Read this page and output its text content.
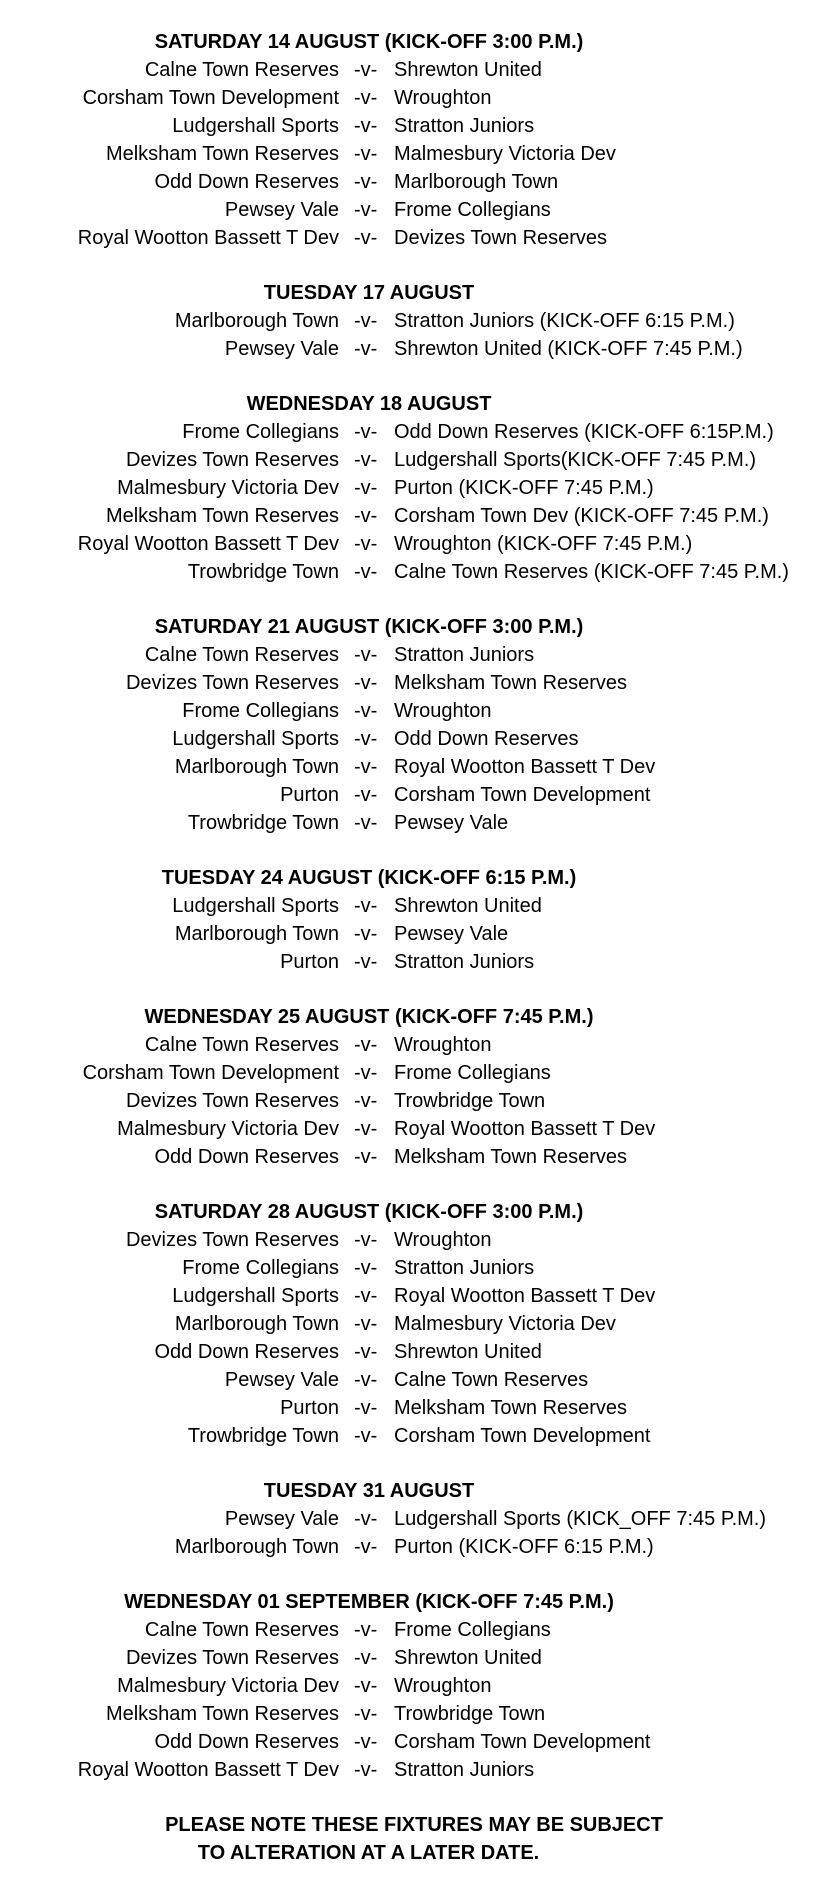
SATURDAY 14 AUGUST (KICK-OFF 3:00 P.M.)
Calne Town Reserves -v- Shrewton United
Corsham Town Development -v- Wroughton
Ludgershall Sports -v- Stratton Juniors
Melksham Town Reserves -v- Malmesbury Victoria Dev
Odd Down Reserves -v- Marlborough Town
Pewsey Vale -v- Frome Collegians
Royal Wootton Bassett T Dev -v- Devizes Town Reserves
TUESDAY 17 AUGUST
Marlborough Town -v- Stratton Juniors (KICK-OFF 6:15 P.M.)
Pewsey Vale -v- Shrewton United (KICK-OFF 7:45 P.M.)
WEDNESDAY 18 AUGUST
Frome Collegians -v- Odd Down Reserves (KICK-OFF 6:15P.M.)
Devizes Town Reserves -v- Ludgershall Sports(KICK-OFF 7:45 P.M.)
Malmesbury Victoria Dev -v- Purton (KICK-OFF 7:45 P.M.)
Melksham Town Reserves -v- Corsham Town Dev (KICK-OFF 7:45 P.M.)
Royal Wootton Bassett T Dev -v- Wroughton (KICK-OFF 7:45 P.M.)
Trowbridge Town -v- Calne Town Reserves (KICK-OFF 7:45 P.M.)
SATURDAY 21 AUGUST (KICK-OFF 3:00 P.M.)
Calne Town Reserves -v- Stratton Juniors
Devizes Town Reserves -v- Melksham Town Reserves
Frome Collegians -v- Wroughton
Ludgershall Sports -v- Odd Down Reserves
Marlborough Town -v- Royal Wootton Bassett T Dev
Purton -v- Corsham Town Development
Trowbridge Town -v- Pewsey Vale
TUESDAY 24 AUGUST (KICK-OFF 6:15 P.M.)
Ludgershall Sports -v- Shrewton United
Marlborough Town -v- Pewsey Vale
Purton -v- Stratton Juniors
WEDNESDAY 25 AUGUST (KICK-OFF 7:45 P.M.)
Calne Town Reserves -v- Wroughton
Corsham Town Development -v- Frome Collegians
Devizes Town Reserves -v- Trowbridge Town
Malmesbury Victoria Dev -v- Royal Wootton Bassett T Dev
Odd Down Reserves -v- Melksham Town Reserves
SATURDAY 28 AUGUST (KICK-OFF 3:00 P.M.)
Devizes Town Reserves -v- Wroughton
Frome Collegians -v- Stratton Juniors
Ludgershall Sports -v- Royal Wootton Bassett T Dev
Marlborough Town -v- Malmesbury Victoria Dev
Odd Down Reserves -v- Shrewton United
Pewsey Vale -v- Calne Town Reserves
Purton -v- Melksham Town Reserves
Trowbridge Town -v- Corsham Town Development
TUESDAY 31 AUGUST
Pewsey Vale -v- Ludgershall Sports (KICK_OFF 7:45 P.M.)
Marlborough Town -v- Purton (KICK-OFF 6:15 P.M.)
WEDNESDAY 01 SEPTEMBER (KICK-OFF 7:45 P.M.)
Calne Town Reserves -v- Frome Collegians
Devizes Town Reserves -v- Shrewton United
Malmesbury Victoria Dev -v- Wroughton
Melksham Town Reserves -v- Trowbridge Town
Odd Down Reserves -v- Corsham Town Development
Royal Wootton Bassett T Dev -v- Stratton Juniors
PLEASE NOTE THESE FIXTURES MAY BE SUBJECT
TO ALTERATION AT A LATER DATE.
